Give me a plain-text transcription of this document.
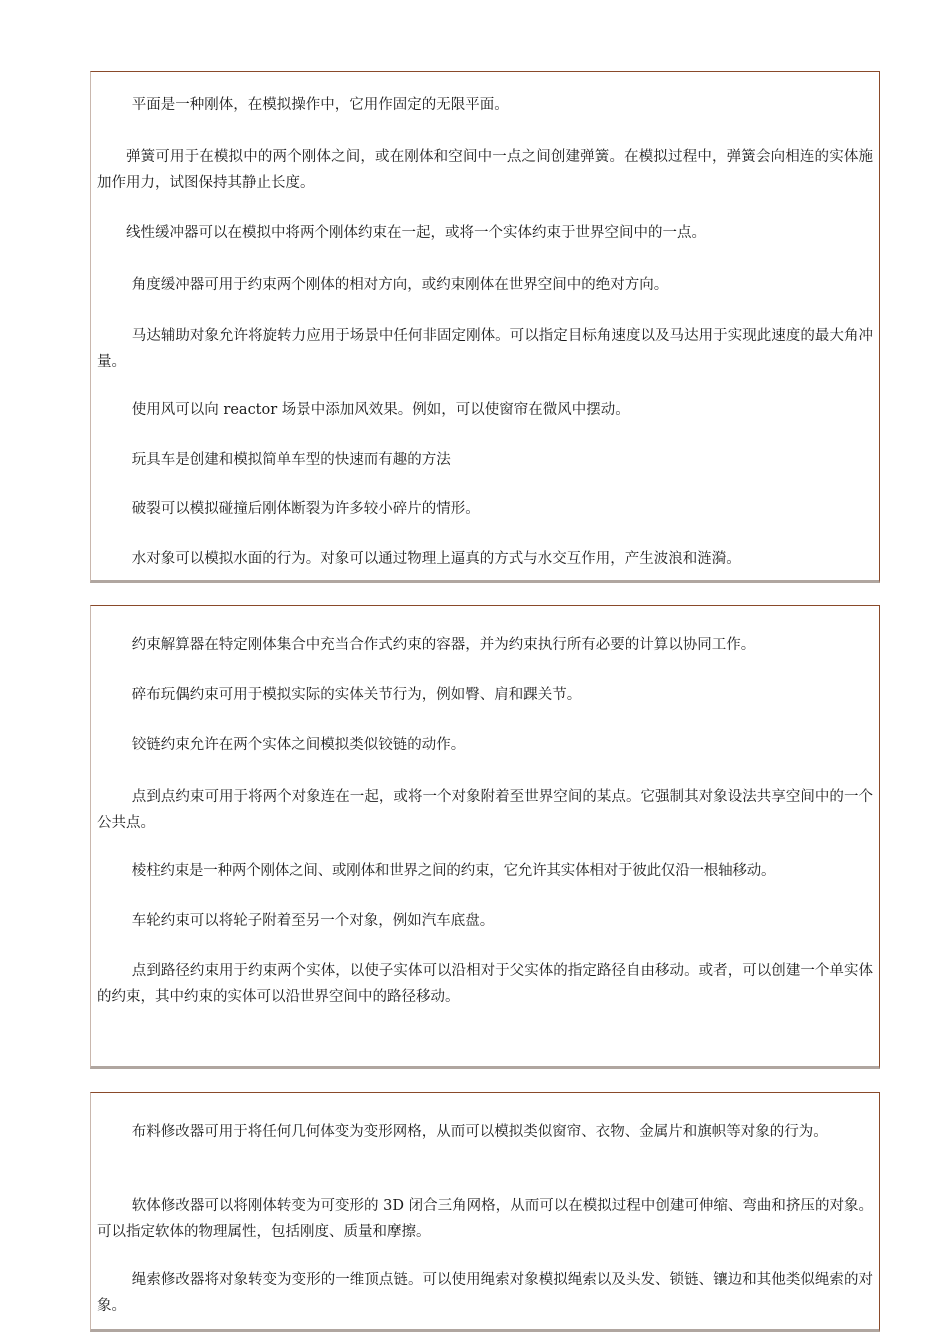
平面是一种刚体，在模拟操作中，它用作固定的无限平面。

弹簧可用于在模拟中的两个刚体之间，或在刚体和空间中一点之间创建弹簧。在模拟过程中，弹簧会向相连的实体施加作用力，试图保持其静止长度。

线性缓冲器可以在模拟中将两个刚体约束在一起，或将一个实体约束于世界空间中的一点。

角度缓冲器可用于约束两个刚体的相对方向，或约束刚体在世界空间中的绝对方向。

马达辅助对象允许将旋转力应用于场景中任何非固定刚体。可以指定目标角速度以及马达用于实现此速度的最大角冲量。

使用风可以向 reactor 场景中添加风效果。例如，可以使窗帘在微风中摆动。

玩具车是创建和模拟简单车型的快速而有趣的方法

破裂可以模拟碰撞后刚体断裂为许多较小碎片的情形。

水对象可以模拟水面的行为。对象可以通过物理上逼真的方式与水交互作用，产生波浪和涟漪。

约束解算器在特定刚体集合中充当合作式约束的容器，并为约束执行所有必要的计算以协同工作。

碎布玩偶约束可用于模拟实际的实体关节行为，例如臀、肩和踝关节。

铰链约束允许在两个实体之间模拟类似铰链的动作。

点到点约束可用于将两个对象连在一起，或将一个对象附着至世界空间的某点。它强制其对象设法共享空间中的一个公共点。

棱柱约束是一种两个刚体之间、或刚体和世界之间的约束，它允许其实体相对于彼此仅沿一根轴移动。

车轮约束可以将轮子附着至另一个对象，例如汽车底盘。

点到路径约束用于约束两个实体，以使子实体可以沿相对于父实体的指定路径自由移动。或者，可以创建一个单实体的约束，其中约束的实体可以沿世界空间中的路径移动。

布料修改器可用于将任何几何体变为变形网格，从而可以模拟类似窗帘、衣物、金属片和旗帜等对象的行为。

软体修改器可以将刚体转变为可变形的 3D 闭合三角网格，从而可以在模拟过程中创建可伸缩、弯曲和挤压的对象。可以指定软体的物理属性，包括刚度、质量和摩擦。

绳索修改器将对象转变为变形的一维顶点链。可以使用绳索对象模拟绳索以及头发、锁链、镶边和其他类似绳索的对象。
